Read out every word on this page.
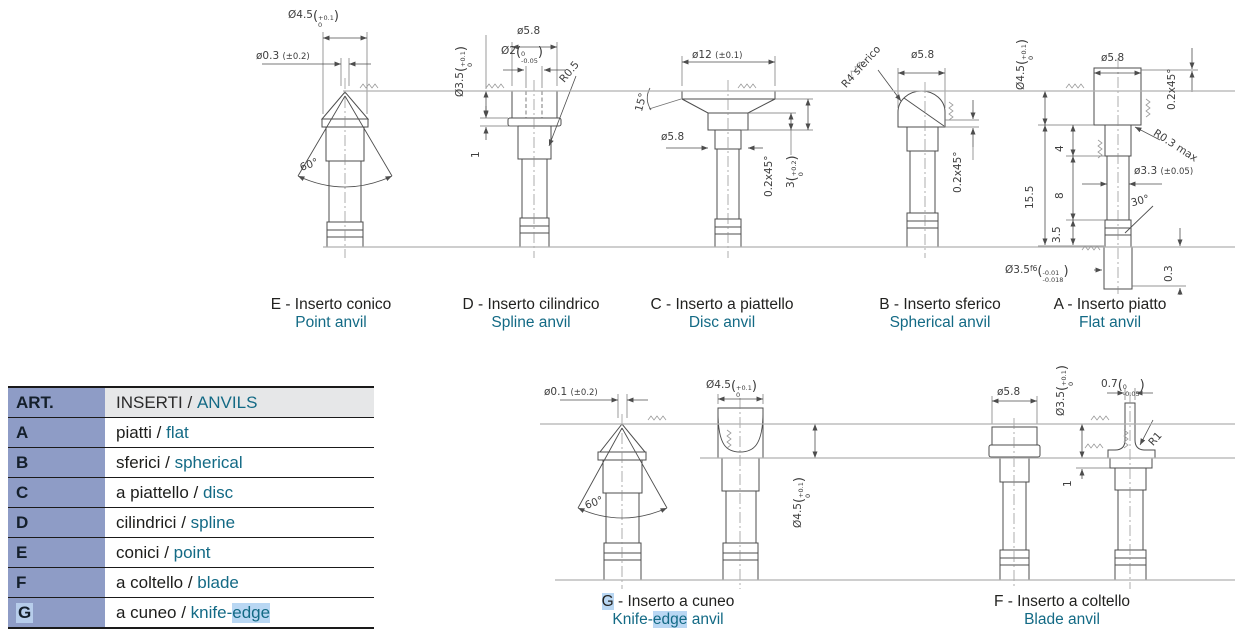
Ø4.5( +0.1
0
)
ø0.3 (±0.2)
60°
Ø3.5(
+0.1
0
)
ø5.8
Ø2( 0
-0.05
)
R0.5
1
ø12 (±0.1)
15°
ø5.8
0.2x45° 3(
+0.2
0
)
R4 sferico	ø5.8
0.2x45°
Ø4.5(
+0.1
0
)
ø5.8
0.2x45°
R0.3 max
ø3.3 (±0.05)
30°
15.5
4
8
3.5
Ø3.5f6( -0.01
-0.018
)	0.3
ø0.1 (±0.2)
60°
Ø4.5( +0.1
0
)
Ø4.5(
+0.1
0
)
ø5.8
0.7( 0
-0.05
)
R1
Ø3.5(
+0.1
0
)
1
E - Inserto conico
Point anvil
D - Inserto cilindrico
Spline anvil
C - Inserto a piattello
Disc anvil
B - Inserto sferico
Spherical anvil
A - Inserto piatto
Flat anvil
G - Inserto a cuneo
Knife-edge anvil
F - Inserto a coltello
Blade anvil
ART.	INSERTI / ANVILS
A	piatti / flat
B	sferici / spherical
C	a piattello / disc
D	cilindrici / spline
E	conici / point
F	a coltello / blade
G	a cuneo / knife- edge
